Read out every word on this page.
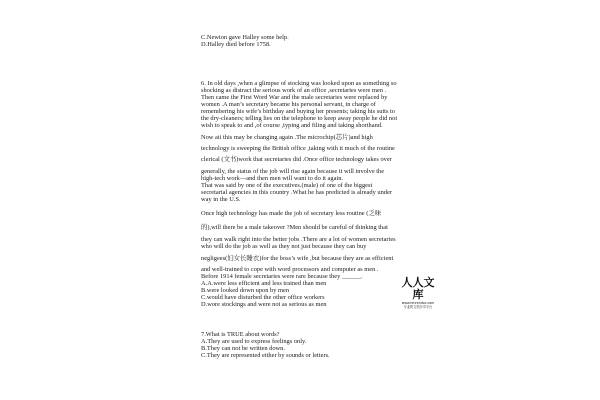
C.Newton gave Halley some help.
D.Halley died before 1758.
6. In old days ,when a glimpse of stocking was looked upon as something so
shocking as distract the serious work of an office ,secretaries were men .
Then came the First Word War and the male secretaries were replaced by
women .A man’s secretary became his personal servant, in charge of
remembering his wife’s birthday and buying her presents; taking his suits to
the dry-cleaners; telling lies on the telephone to keep away people he did not
wish to speak to and ,of course ,typing and filing and taking shorthand.
Now aii this may be changing again .The microchip(芯片)and high
technology is sweeping the British office ,taking with it much of the routine
clerical (文书)work that secretaries did .Once office technology takes over
generally, the status of the job will rise again because it will involve the
high-tech work—and then men will want to do it again.
That was said by one of the executives.(male) of one of the biggest
secretarial agencies in this country .What he has predicted is already under
way in the U.S.
Once high technology has made the job of secretary less routine (乏味
的),will there be a male takeover ?Men should be careful of thinking that
they can walk right into the better jobs .There are a lot of women secretaries
who will do the job as well as they not just because they can buy
negligees(妇女长睡衣)for the boss’s wife ,but because they are as efficient
and well-trained to cope with word processors and computer as men .
Before 1914 female secretaries were rare because they ______.
A.A.were less efficient and less trained than men
B.were looked down upon by men
C.would have disturbed the other office workers
D.wore stockings and were not as serious as men
7.What is TRUE about words?
A.They are used to express feelings only.
B.They can not be written down.
C.They are represented either by sounds or letters.
人人文库
www.renrendoc.com
专业的文档分享平台
